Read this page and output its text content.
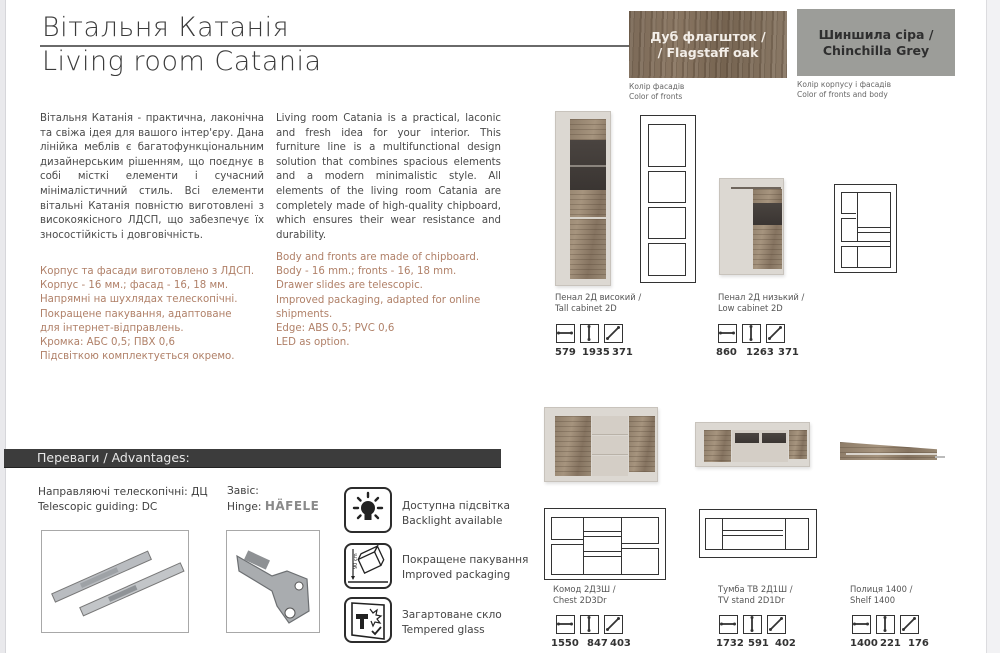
Вітальня Катанія
Living room Catania
Дуб флагшток /
/ Flagstaff oak
Колір фасадів
Color of fronts
Шиншила сіра /
Chinchilla Grey
Колір корпусу і фасадів
Color of fronts and body
Вітальня Катанія - практична, лаконічна та свіжа ідея для вашого інтер'єру. Дана лінійка меблів є багатофункціональним дизайнерським рішенням, що поєднує в собі місткі елементи і сучасний мінімалістичний стиль. Всі елементи вітальні Катанія повністю виготовлені з високоякісного ЛДСП, що забезпечує їх зносостійкість і довговічність.
Living room Catania is a practical, laconic and fresh idea for your interior. This furniture line is a multifunctional design solution that combines spacious elements and a modern minimalistic style. All elements of the living room Catania are completely made of high-quality chipboard, which ensures their wear resistance and durability.
Корпус та фасади виготовлено з ЛДСП.
Корпус - 16 мм.; фасад - 16, 18 мм.
Напрямні на шухлядах телескопічні.
Покращене пакування, адаптоване
для інтернет-відправлень.
Кромка: АБС 0,5; ПВХ 0,6
Підсвіткою комплектується окремо.
Body and fronts are made of chipboard.
Body - 16 mm.; fronts - 16, 18 mm.
Drawer slides are telescopic.
Improved packaging, adapted for online
shipments.
Edge: ABS 0,5; PVC 0,6
LED as option.
Пенал 2Д високий /
Tall cabinet 2D
579 1935 371
Пенал 2Д низький /
Low cabinet 2D
860 1263 371
Комод 2Д3Ш /
Chest 2D3Dr
1550 847 403
Тумба ТВ 2Д1Ш /
TV stand 2D1Dr
1732 591 402
Полиця 1400 /
Shelf 1400
1400 221 176
Переваги / Advantages:
Направляючі телескопічні: ДЦ
Telescopic guiding: DC
Завіс:
Hinge: HÄFELE	Доступна підсвітка
Backlight available
90 cm	Покращене пакування
Improved packaging
Загартоване скло
Tempered glass
